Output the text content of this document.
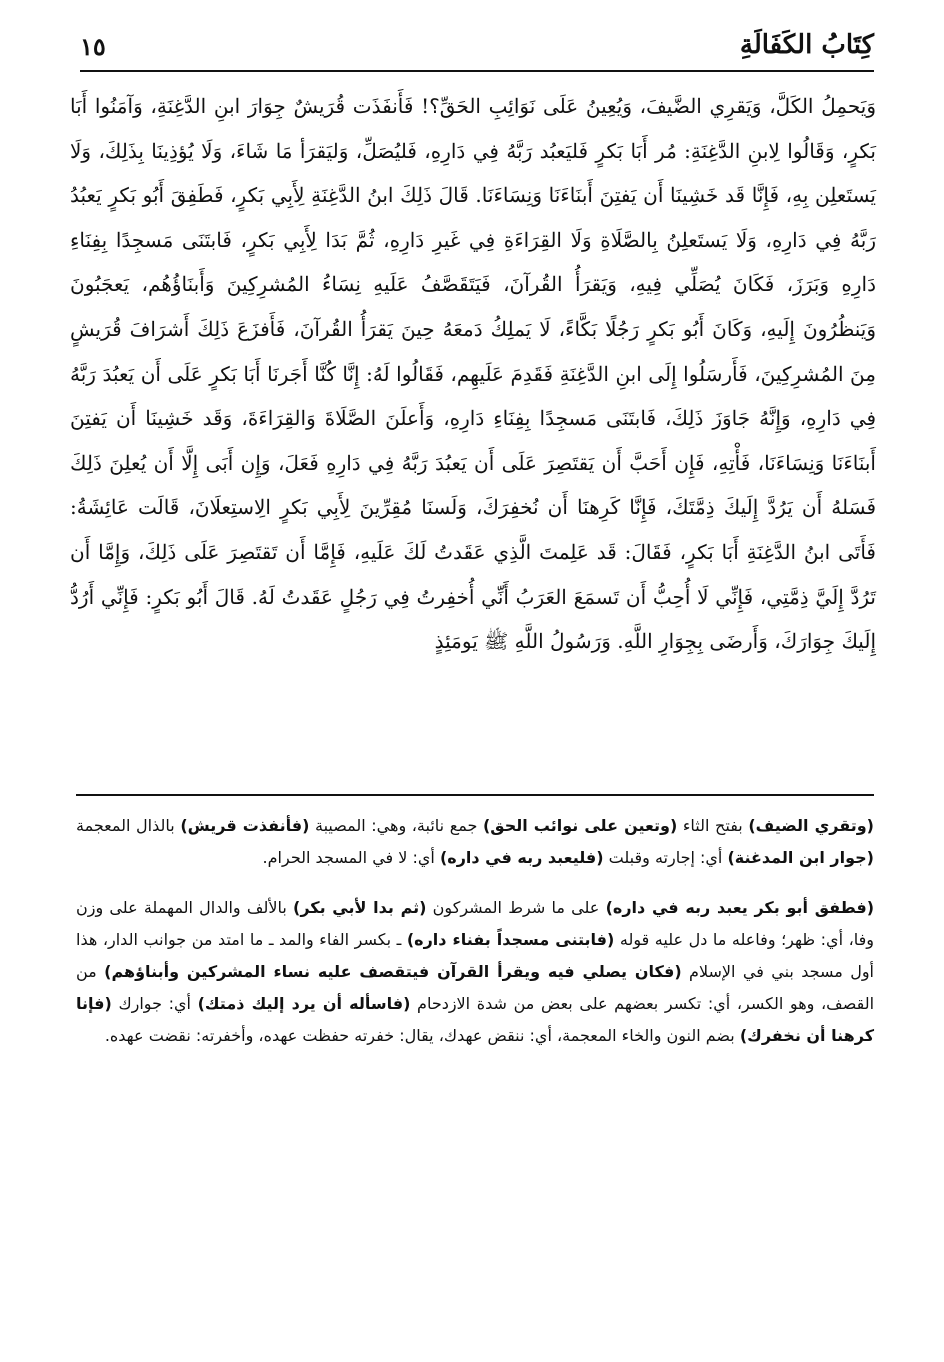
كِتَابُ الكَفَالَةِ
١٥

وَيَحمِلُ الكَلَّ، وَيَقرِي الضَّيفَ، وَيُعِينُ عَلَى نَوَائِبِ الحَقِّ؟! فَأَنفَذَت قُرَيشٌ جِوَارَ ابنِ الدَّغِنَةِ، وَآمَنُوا أَبَا بَكرٍ، وَقَالُوا لِابنِ الدَّغِنَةِ: مُر أَبَا بَكرٍ فَليَعبُد رَبَّهُ فِي دَارِهِ، فَليُصَلِّ، وَليَقرَأ مَا شَاءَ، وَلَا يُؤذِينَا بِذَلِكَ، وَلَا يَستَعلِن بِهِ، فَإِنَّا قَد خَشِينَا أَن يَفتِنَ أَبنَاءَنَا وَنِسَاءَنَا. قَالَ ذَلِكَ ابنُ الدَّغِنَةِ لِأَبِي بَكرٍ، فَطَفِقَ أَبُو بَكرٍ يَعبُدُ رَبَّهُ فِي دَارِهِ، وَلَا يَستَعلِنُ بِالصَّلَاةِ وَلَا القِرَاءَةِ فِي غَيرِ دَارِهِ، ثُمَّ بَدَا لِأَبِي بَكرٍ، فَابتَنَى مَسجِدًا بِفِنَاءِ دَارِهِ وَبَرَزَ، فَكَانَ يُصَلِّي فِيهِ، وَيَقرَأُ القُرآنَ، فَيَتَقَصَّفُ عَلَيهِ نِسَاءُ المُشرِكِينَ وَأَبنَاؤُهُم، يَعجَبُونَ وَيَنظُرُونَ إِلَيهِ، وَكَانَ أَبُو بَكرٍ رَجُلًا بَكَّاءً، لَا يَملِكُ دَمعَهُ حِينَ يَقرَأُ القُرآنَ، فَأَفزَعَ ذَلِكَ أَشرَافَ قُرَيشٍ مِنَ المُشرِكِينَ، فَأَرسَلُوا إِلَى ابنِ الدَّغِنَةِ فَقَدِمَ عَلَيهِم، فَقَالُوا لَهُ: إِنَّا كُنَّا أَجَرنَا أَبَا بَكرٍ عَلَى أَن يَعبُدَ رَبَّهُ فِي دَارِهِ، وَإِنَّهُ جَاوَزَ ذَلِكَ، فَابتَنَى مَسجِدًا بِفِنَاءِ دَارِهِ، وَأَعلَنَ الصَّلَاةَ وَالقِرَاءَةَ، وَقَد خَشِينَا أَن يَفتِنَ أَبنَاءَنَا وَنِسَاءَنَا، فَأْتِهِ، فَإِن أَحَبَّ أَن يَقتَصِرَ عَلَى أَن يَعبُدَ رَبَّهُ فِي دَارِهِ فَعَلَ، وَإِن أَبَى إِلَّا أَن يُعلِنَ ذَلِكَ فَسَلهُ أَن يَرُدَّ إِلَيكَ ذِمَّتَكَ، فَإِنَّا كَرِهنَا أَن نُخفِرَكَ، وَلَسنَا مُقِرِّينَ لِأَبِي بَكرٍ الِاستِعلَانَ، قَالَت عَائِشَةُ: فَأَتَى ابنُ الدَّغِنَةِ أَبَا بَكرٍ، فَقَالَ: قَد عَلِمتَ الَّذِي عَقَدتُ لَكَ عَلَيهِ، فَإِمَّا أَن تَقتَصِرَ عَلَى ذَلِكَ، وَإِمَّا أَن تَرُدَّ إِلَيَّ ذِمَّتِي، فَإِنِّي لَا أُحِبُّ أَن تَسمَعَ العَرَبُ أَنِّي أُخفِرتُ فِي رَجُلٍ عَقَدتُ لَهُ. قَالَ أَبُو بَكرٍ: فَإِنِّي أَرُدُّ إِلَيكَ جِوَارَكَ، وَأَرضَى بِجِوَارِ اللَّهِ. وَرَسُولُ اللَّهِ ﷺ يَومَئِذٍ

(وتقري الضيف) بفتح الثاء (وتعين على نوائب الحق) جمع نائبة، وهي: المصيبة (فأنفذت قريش) بالذال المعجمة (جوار ابن المدغنة) أي: إجارته وقبلت (فليعبد ربه في داره) أي: لا في المسجد الحرام.

(فطفق أبو بكر يعبد ربه في داره) على ما شرط المشركون (ثم بدا لأبي بكر) بالألف والدال المهملة على وزن وفا، أي: ظهر؛ وفاعله ما دل عليه قوله (فابتنى مسجداً بفناء داره) ـ بكسر الفاء والمد ـ ما امتد من جوانب الدار، هذا أول مسجد بني في الإسلام (فكان يصلي فيه ويقرأ القرآن فيتقصف عليه نساء المشركين وأبناؤهم) من القصف، وهو الكسر، أي: تكسر بعضهم على بعض من شدة الازدحام (فاسأله أن يرد إليك ذمتك) أي: جوارك (فإنا كرهنا أن نخفرك) بضم النون والخاء المعجمة، أي: ننقض عهدك، يقال: خفرته حفظت عهده، وأخفرته: نقضت عهده.
